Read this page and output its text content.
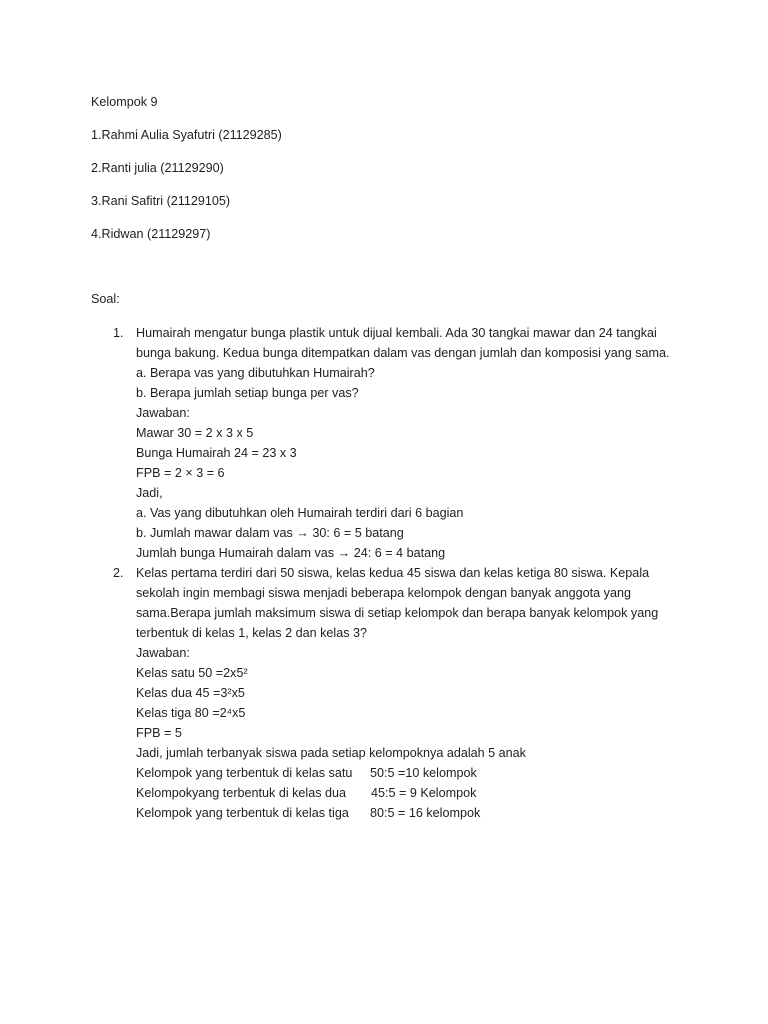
Kelompok 9
1.Rahmi Aulia Syafutri (21129285)
2.Ranti julia (21129290)
3.Rani Safitri (21129105)
4.Ridwan (21129297)
Soal:
1. Humairah mengatur bunga plastik untuk dijual kembali. Ada 30 tangkai mawar dan 24 tangkai
bunga bakung. Kedua bunga ditempatkan dalam vas dengan jumlah dan komposisi yang sama.
a. Berapa vas yang dibutuhkan Humairah?
b. Berapa jumlah setiap bunga per vas?
Jawaban:
Mawar 30 = 2 x 3 x 5
Bunga Humairah 24 = 23 x 3
FPB = 2 × 3 = 6
Jadi,
a. Vas yang dibutuhkan oleh Humairah terdiri dari 6 bagian
b. Jumlah mawar dalam vas → 30: 6 = 5 batang
Jumlah bunga Humairah dalam vas → 24: 6 = 4 batang
2. Kelas pertama terdiri dari 50 siswa, kelas kedua 45 siswa dan kelas ketiga 80 siswa. Kepala
sekolah ingin membagi siswa menjadi beberapa kelompok dengan banyak anggota yang
sama.Berapa jumlah maksimum siswa di setiap kelompok dan berapa banyak kelompok yang
terbentuk di kelas 1, kelas 2 dan kelas 3?
Jawaban:
Kelas satu 50 =2x5²
Kelas dua 45 =3²x5
Kelas tiga 80 =2⁴x5
FPB = 5
Jadi, jumlah terbanyak siswa pada setiap kelompoknya adalah 5 anak
Kelompok yang terbentuk di kelas satu 50:5 =10 kelompok
Kelompokyang terbentuk di kelas dua 45:5 = 9 Kelompok
Kelompok yang terbentuk di kelas tiga 80:5 = 16 kelompok
